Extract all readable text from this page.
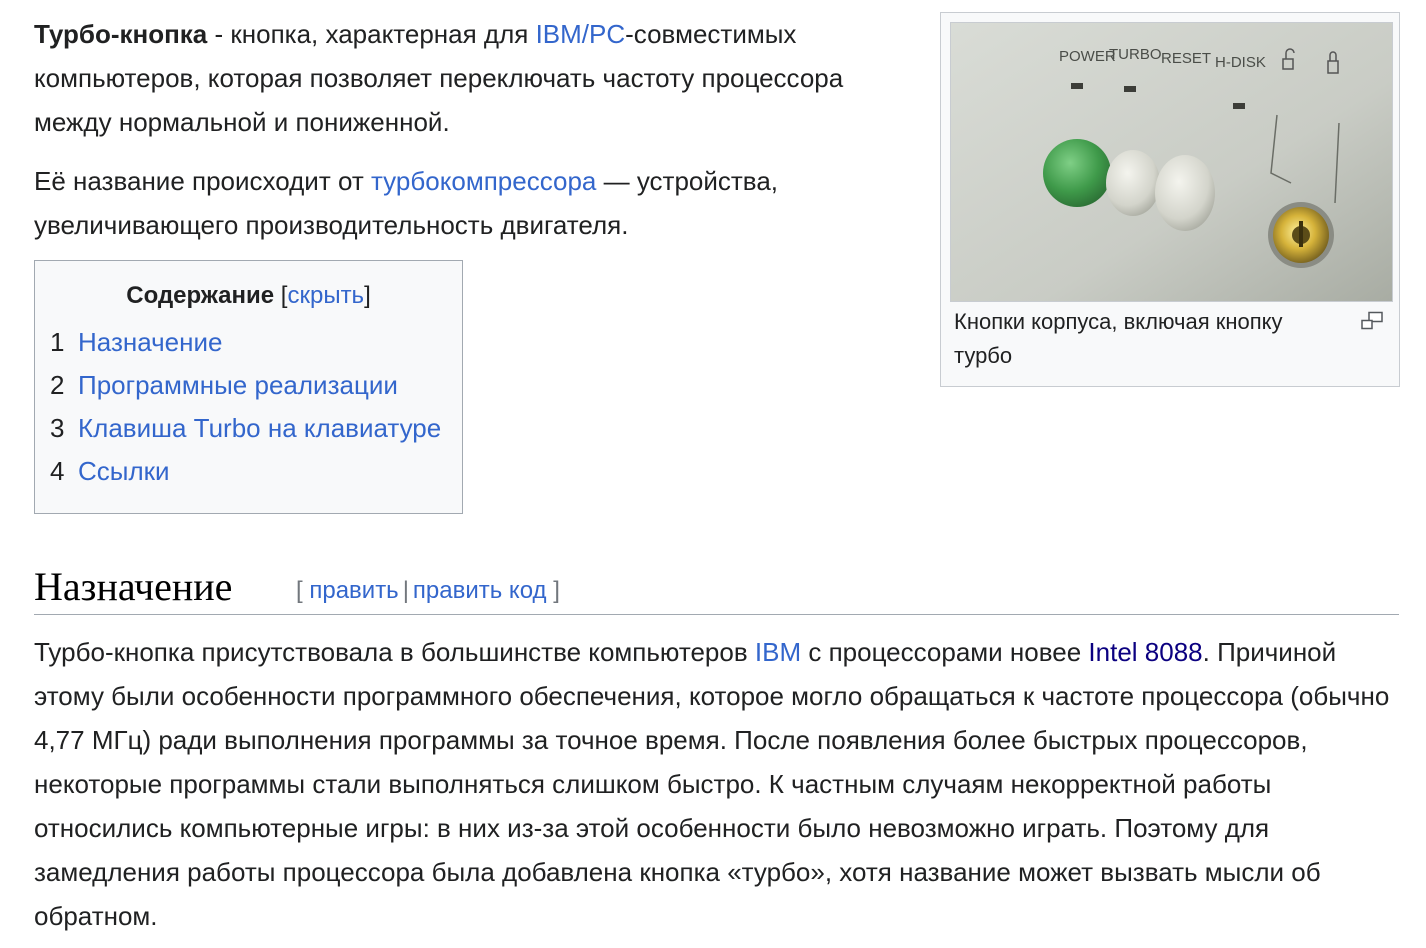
Турбо-кнопка - кнопка, характерная для IBM/PC-совместимых компьютеров, которая позволяет переключать частоту процессора между нормальной и пониженной.

Её название происходит от турбокомпрессора — устройства, увеличивающего производительность двигателя.

Содержание [скрыть]
1 Назначение
2 Программные реализации
3 Клавиша Turbo на клавиатуре
4 Ссылки
POWER
TURBO RESET H-DISK
Кнопки корпуса, включая кнопку турбо
Назначение	[ править | править код ]

Турбо-кнопка присутствовала в большинстве компьютеров IBM с процессорами новее Intel 8088. Причиной этому были особенности программного обеспечения, которое могло обращаться к частоте процессора (обычно 4,77 МГц) ради выполнения программы за точное время. После появления более быстрых процессоров, некоторые программы стали выполняться слишком быстро. К частным случаям некорректной работы относились компьютерные игры: в них из-за этой особенности было невозможно играть. Поэтому для замедления работы процессора была добавлена кнопка «турбо», хотя название может вызвать мысли об обратном.
